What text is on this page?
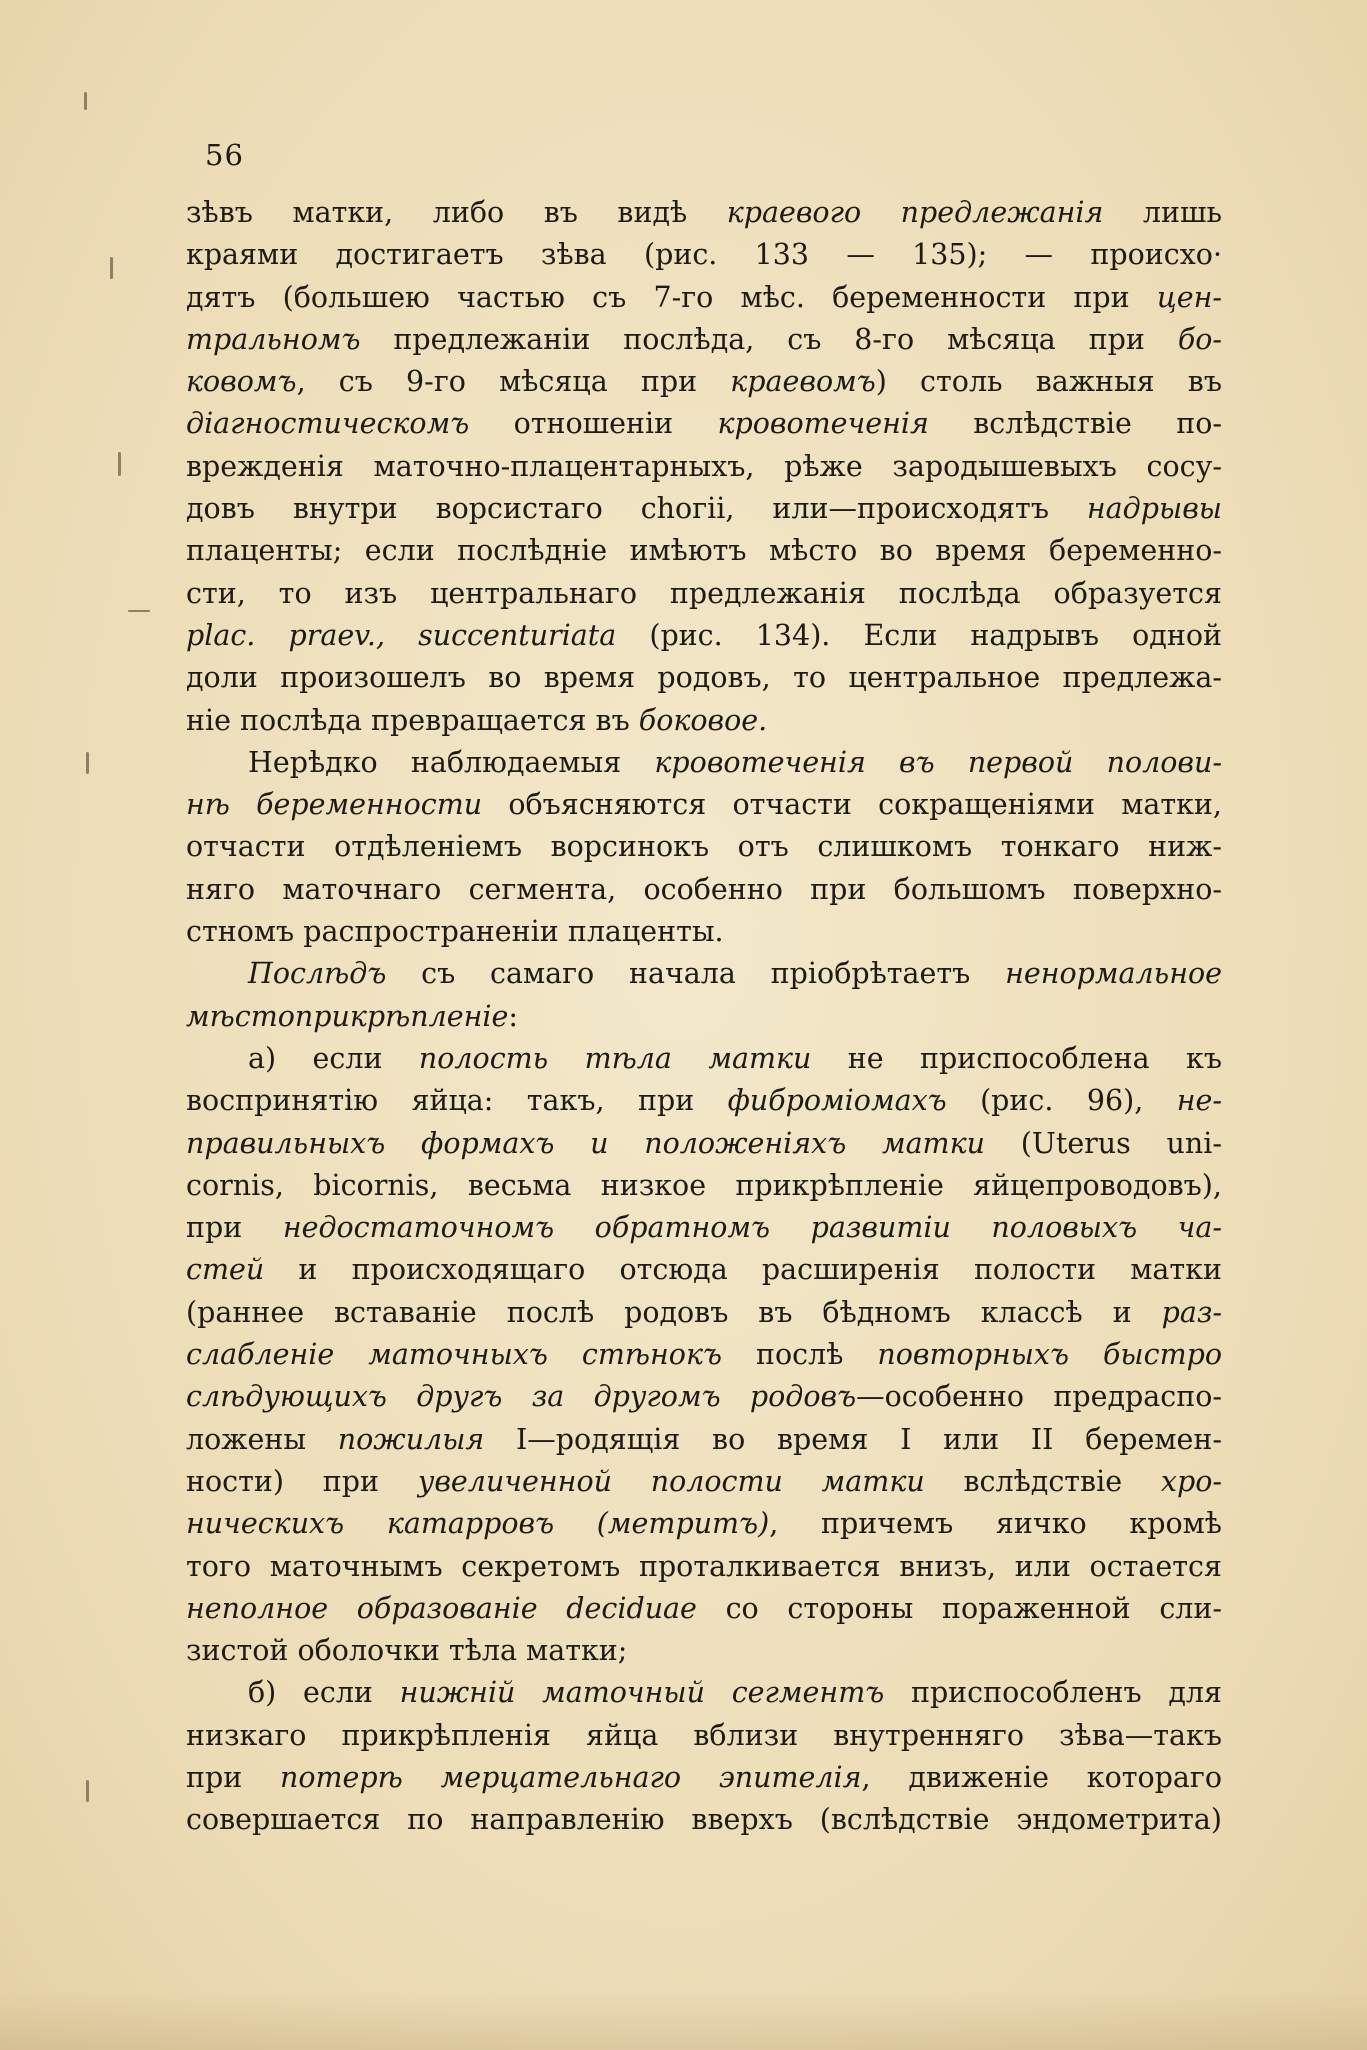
56
зѣвъ матки, либо въ видѣ краевого предлежанія лишь
краями достигаетъ зѣва (рис. 133 — 135); — происхо·
дятъ (большею частью съ 7-го мѣс. беременности при цен-
тральномъ предлежаніи послѣда, съ 8-го мѣсяца при бо-
ковомъ, съ 9-го мѣсяца при краевомъ) столь важныя въ
діагностическомъ отношеніи кровотеченія вслѣдствіе по-
врежденія маточно-плацентарныхъ, рѣже зародышевыхъ сосу-
довъ внутри ворсистаго сhогіі, или—происходятъ надрывы
плаценты; если послѣдніе имѣютъ мѣсто во время беременно-
сти, то изъ центральнаго предлежанія послѣда образуется
plac. praev., succenturiata (рис. 134). Если надрывъ одной
доли произошелъ во время родовъ, то центральное предлежа-
ніе послѣда превращается въ боковое.
Нерѣдко наблюдаемыя кровотеченія въ первой полови-
нѣ беременности объясняются отчасти сокращеніями матки,
отчасти отдѣленіемъ ворсинокъ отъ слишкомъ тонкаго ниж-
няго маточнаго сегмента, особенно при большомъ поверхно-
стномъ распространеніи плаценты.
Послѣдъ съ самаго начала пріобрѣтаетъ ненормальное
мѣстоприкрѣпленіе:
а) если полость тѣла матки не приспособлена къ
воспринятію яйца: такъ, при фиброміомахъ (рис. 96), не-
правильныхъ формахъ и положеніяхъ матки (Uterus uni-
cornis, bicornis, весьма низкое прикрѣпленіе яйцепроводовъ),
при недостаточномъ обратномъ развитіи половыхъ ча-
стей и происходящаго отсюда расширенія полости матки
(раннее вставаніе послѣ родовъ въ бѣдномъ классѣ и раз-
слабленіе маточныхъ стѣнокъ послѣ повторныхъ быстро
слѣдующихъ другъ за другомъ родовъ—особенно предраспо-
ложены пожилыя I—родящія во время I или II беремен-
ности) при увеличенной полости матки вслѣдствіе хро-
ническихъ катарровъ (метритъ), причемъ яичко кромѣ
того маточнымъ секретомъ проталкивается внизъ, или остается
неполное образованіе decіduae со стороны пораженной сли-
зистой оболочки тѣла матки;
б) если нижній маточный сегментъ приспособленъ для
низкаго прикрѣпленія яйца вблизи внутренняго зѣва—такъ
при потерѣ мерцательнаго эпителія, движеніе котораго
совершается по направленію вверхъ (вслѣдствіе эндометрита)
